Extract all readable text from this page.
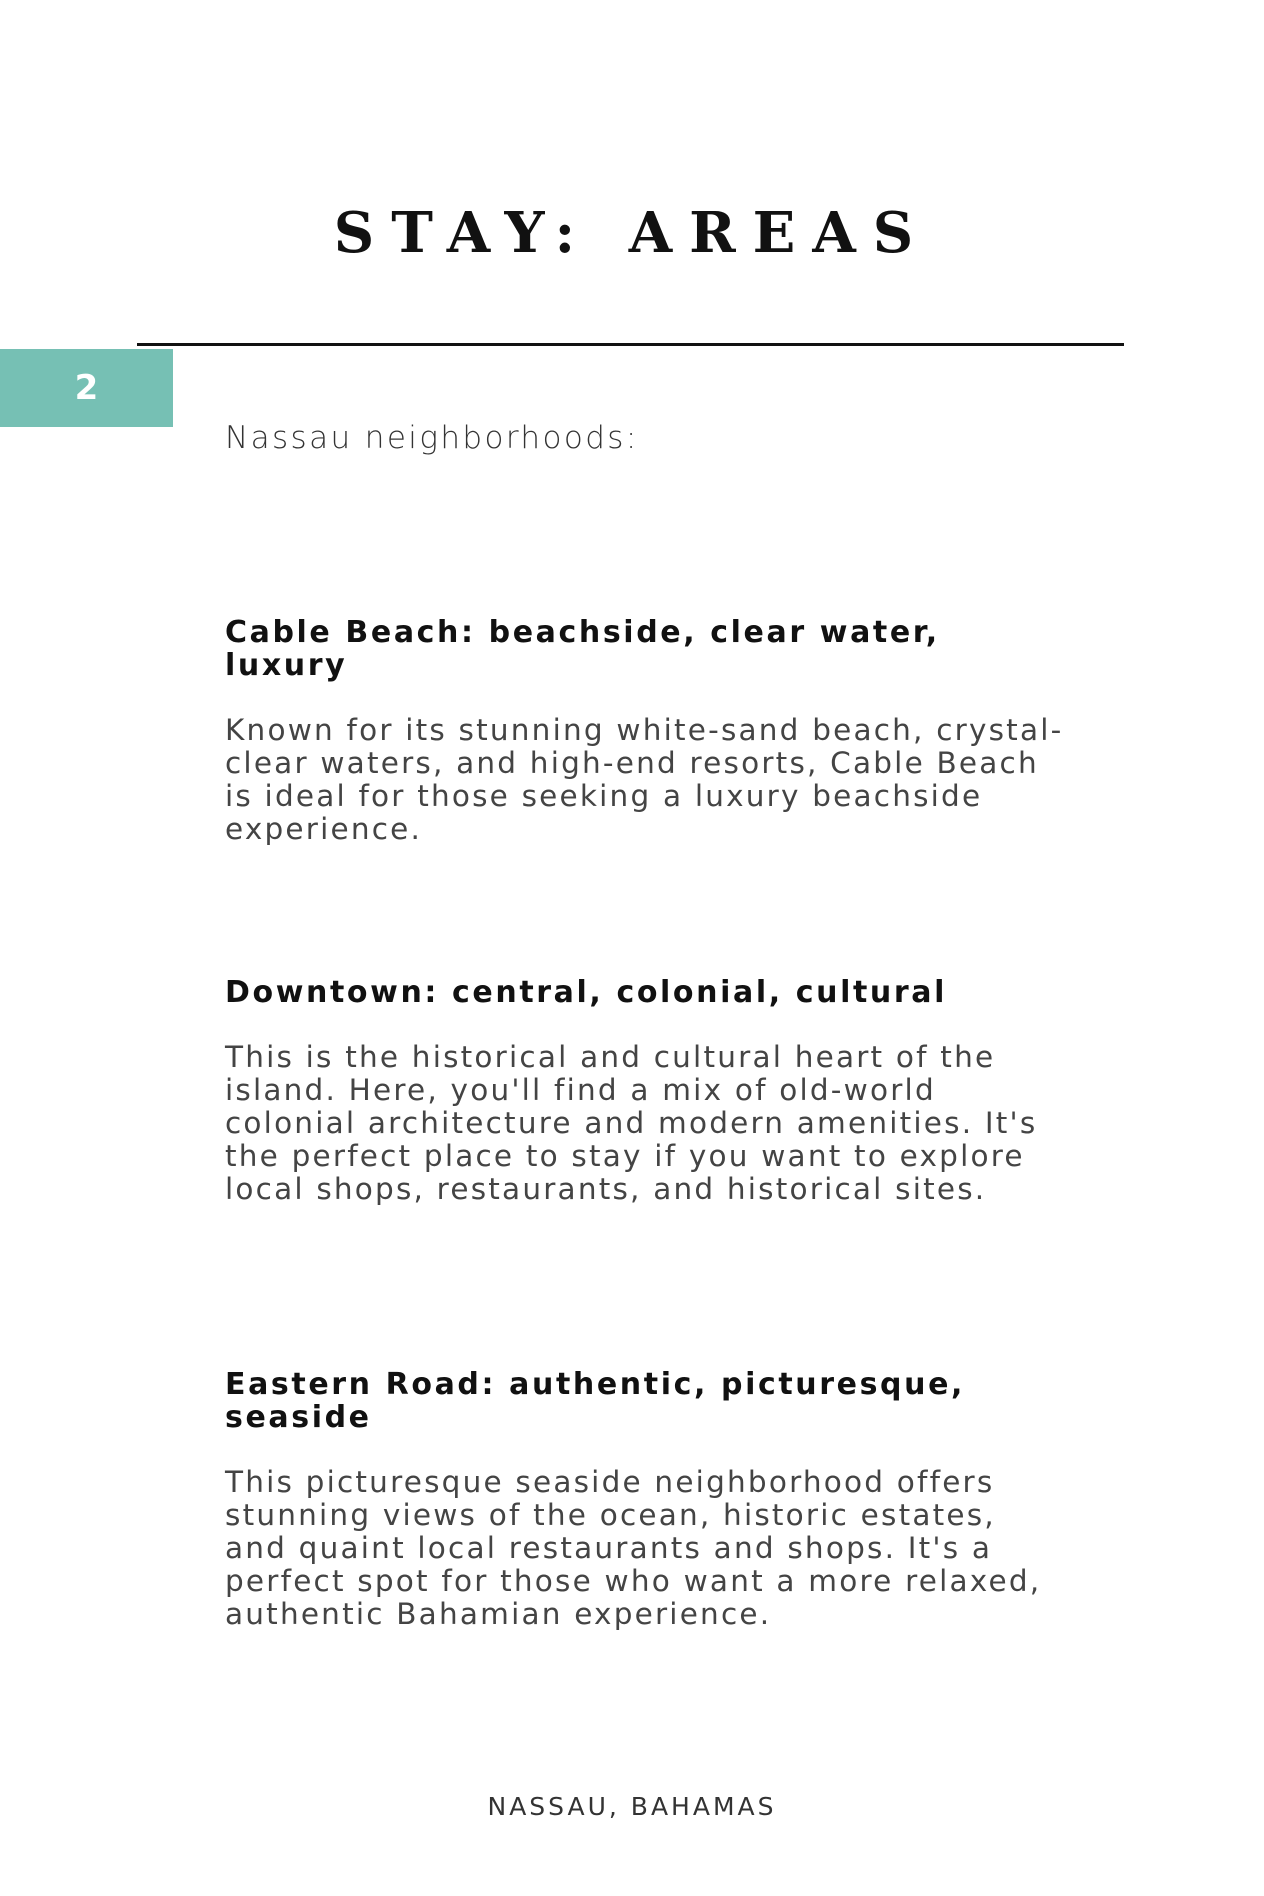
STAY: AREAS
2

Nassau neighborhoods:

Cable Beach: beachside, clear water, luxury

Known for its stunning white-sand beach, crystal-clear waters, and high-end resorts, Cable Beach is ideal for those seeking a luxury beachside experience.

Downtown: central, colonial, cultural

This is the historical and cultural heart of the island. Here, you'll find a mix of old-world colonial architecture and modern amenities. It's the perfect place to stay if you want to explore local shops, restaurants, and historical sites.

Eastern Road: authentic, picturesque, seaside

This picturesque seaside neighborhood offers stunning views of the ocean, historic estates, and quaint local restaurants and shops. It's a perfect spot for those who want a more relaxed, authentic Bahamian experience.

NASSAU, BAHAMAS
